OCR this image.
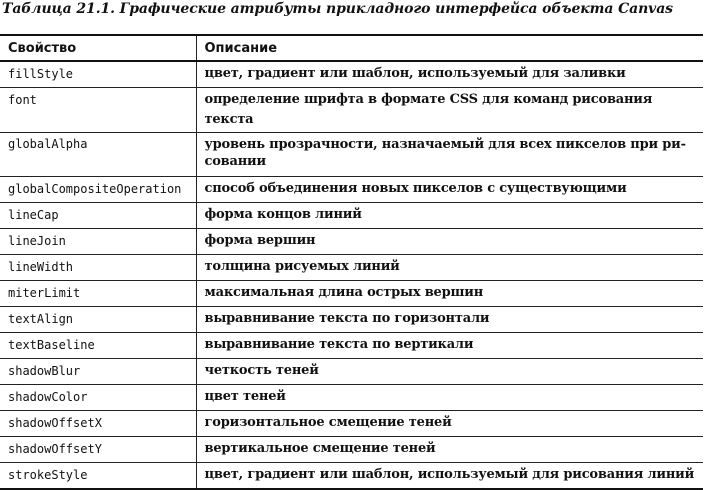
Таблица 21.1. Графические атрибуты прикладного интерфейса объекта Canvas
Свойство	Описание
fillStyle	цвет, градиент или шаблон, используемый для заливки
font	определение шрифта в формате CSS для команд рисования текста
globalAlpha	уровень прозрачности, назначаемый для всех пикселов при рисовании
globalCompositeOperation	способ объединения новых пикселов с существующими
lineCap	форма концов линий
lineJoin	форма вершин
lineWidth	толщина рисуемых линий
miterLimit	максимальная длина острых вершин
textAlign	выравнивание текста по горизонтали
textBaseline	выравнивание текста по вертикали
shadowBlur	четкость теней
shadowColor	цвет теней
shadowOffsetX	горизонтальное смещение теней
shadowOffsetY	вертикальное смещение теней
strokeStyle	цвет, градиент или шаблон, используемый для рисования линий
